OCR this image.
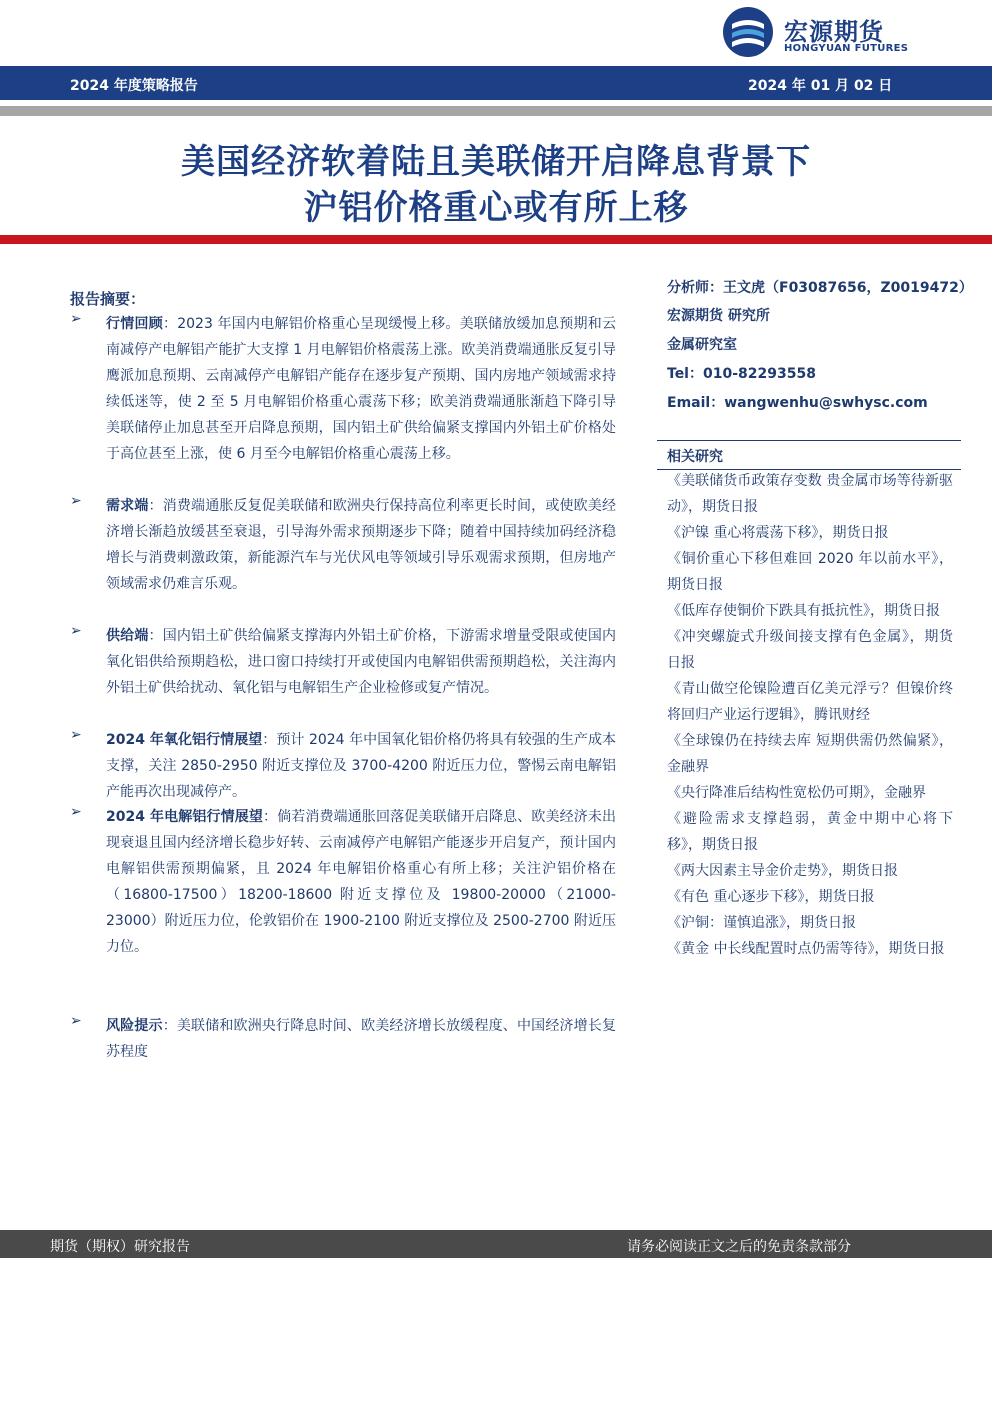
宏源期货
HONGYUAN FUTURES
2024 年度策略报告	2024 年 01 月 02 日
美国经济软着陆且美联储开启降息背景下
沪铝价格重心或有所上移
报告摘要：
➢ 行情回顾：2023 年国内电解铝价格重心呈现缓慢上移。美联储放缓加息预期和云南减停产电解铝产能扩大支撑 1 月电解铝价格震荡上涨。欧美消费端通胀反复引导鹰派加息预期、云南减停产电解铝产能存在逐步复产预期、国内房地产领域需求持续低迷等，使 2 至 5 月电解铝价格重心震荡下移；欧美消费端通胀渐趋下降引导美联储停止加息甚至开启降息预期，国内铝土矿供给偏紧支撑国内外铝土矿价格处于高位甚至上涨，使 6 月至今电解铝价格重心震荡上移。
➢ 需求端：消费端通胀反复促美联储和欧洲央行保持高位利率更长时间，或使欧美经济增长渐趋放缓甚至衰退，引导海外需求预期逐步下降；随着中国持续加码经济稳增长与消费刺激政策，新能源汽车与光伏风电等领域引导乐观需求预期，但房地产领域需求仍难言乐观。
➢ 供给端：国内铝土矿供给偏紧支撑海内外铝土矿价格，下游需求增量受限或使国内氧化铝供给预期趋松，进口窗口持续打开或使国内电解铝供需预期趋松，关注海内外铝土矿供给扰动、氧化铝与电解铝生产企业检修或复产情况。
➢ 2024 年氧化铝行情展望：预计 2024 年中国氧化铝价格仍将具有较强的生产成本支撑，关注 2850-2950 附近支撑位及 3700-4200 附近压力位，警惕云南电解铝产能再次出现减停产。
➢ 2024 年电解铝行情展望：倘若消费端通胀回落促美联储开启降息、欧美经济未出现衰退且国内经济增长稳步好转、云南减停产电解铝产能逐步开启复产，预计国内电解铝供需预期偏紧，且 2024 年电解铝价格重心有所上移；关注沪铝价格在（16800-17500）18200-18600 附近支撑位及 19800-20000（21000-23000）附近压力位，伦敦铝价在 1900-2100 附近支撑位及 2500-2700 附近压力位。
➢ 风险提示：美联储和欧洲央行降息时间、欧美经济增长放缓程度、中国经济增长复苏程度
分析师：王文虎（F03087656，Z0019472）
宏源期货 研究所
金属研究室
Tel：010-82293558
Email：wangwenhu@swhysc.com
相关研究
《美联储货币政策存变数 贵金属市场等待新驱动》，期货日报
《沪镍 重心将震荡下移》，期货日报
《铜价重心下移但难回 2020 年以前水平》，期货日报
《低库存使铜价下跌具有抵抗性》，期货日报
《冲突螺旋式升级间接支撑有色金属》，期货日报
《青山做空伦镍险遭百亿美元浮亏？但镍价终将回归产业运行逻辑》，腾讯财经
《全球镍仍在持续去库 短期供需仍然偏紧》，金融界
《央行降准后结构性宽松仍可期》，金融界
《避险需求支撑趋弱，黄金中期中心将下移》，期货日报
《两大因素主导金价走势》，期货日报
《有色 重心逐步下移》，期货日报
《沪铜：谨慎追涨》，期货日报
《黄金 中长线配置时点仍需等待》，期货日报
期货（期权）研究报告	请务必阅读正文之后的免责条款部分
